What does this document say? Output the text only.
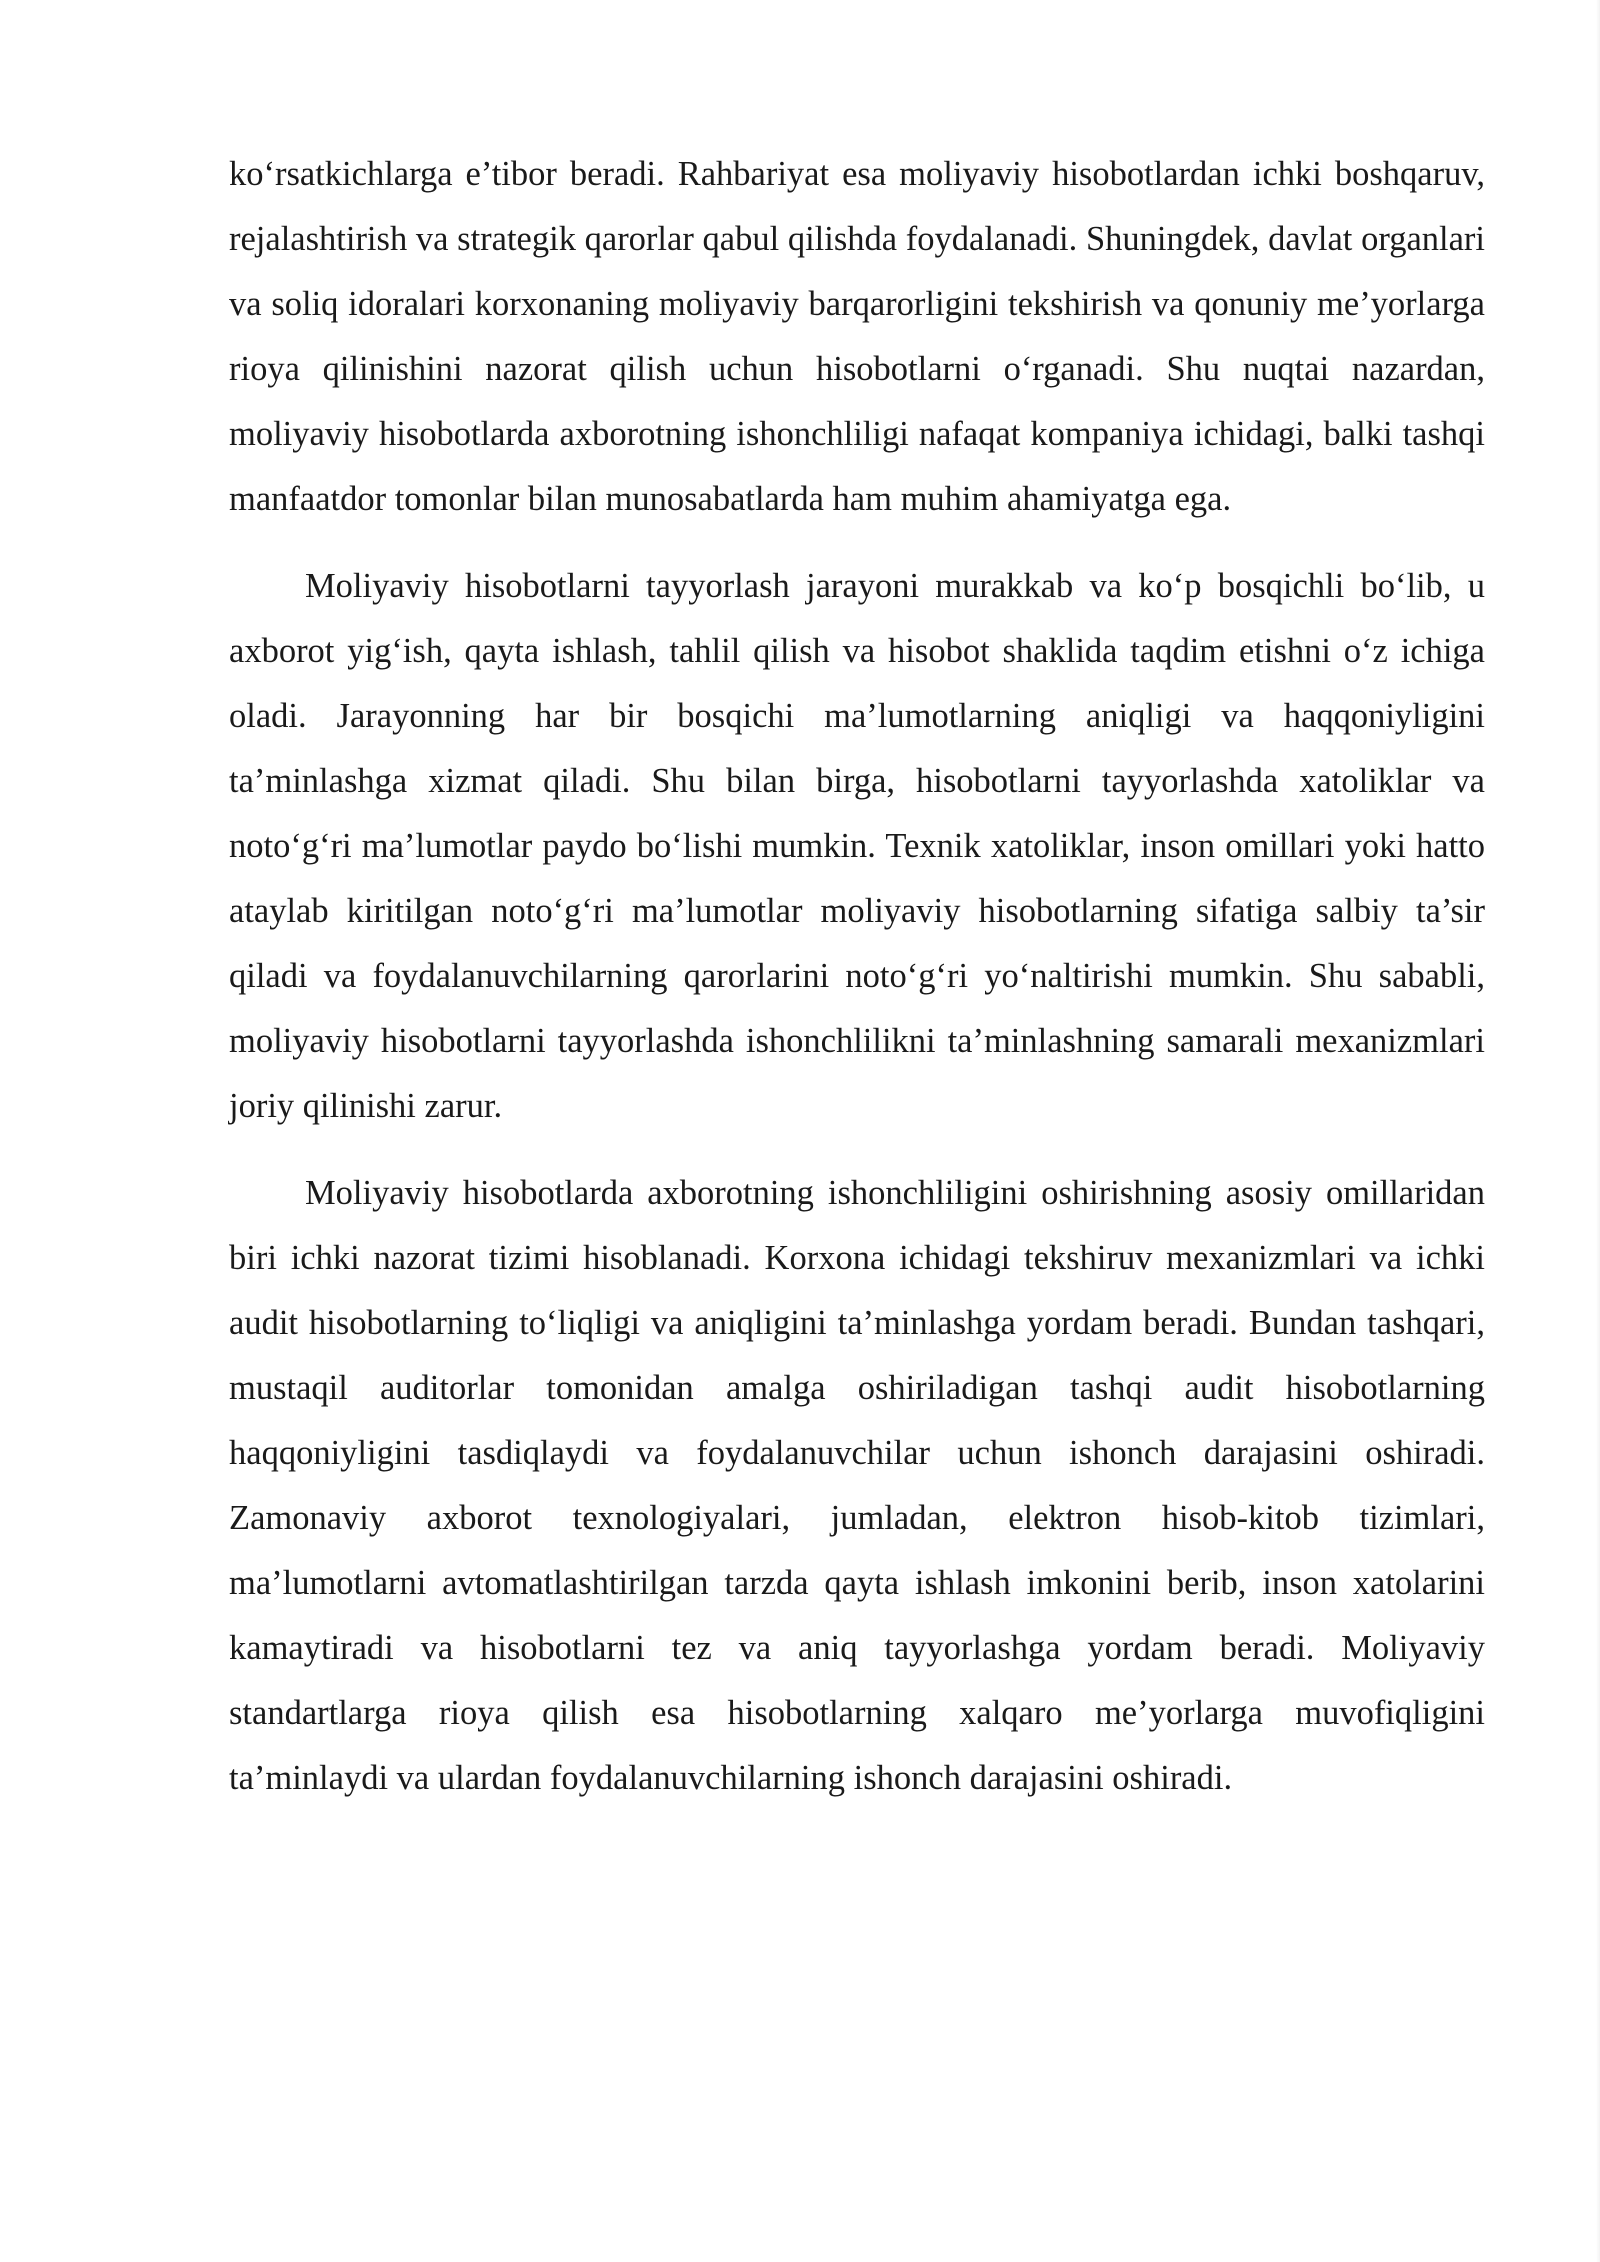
ko‘rsatkichlarga e’tibor beradi. Rahbariyat esa moliyaviy hisobotlardan ichki boshqaruv, rejalashtirish va strategik qarorlar qabul qilishda foydalanadi. Shuningdek, davlat organlari va soliq idoralari korxonaning moliyaviy barqarorligini tekshirish va qonuniy me’yorlarga rioya qilinishini nazorat qilish uchun hisobotlarni o‘rganadi. Shu nuqtai nazardan, moliyaviy hisobotlarda axborotning ishonchliligi nafaqat kompaniya ichidagi, balki tashqi manfaatdor tomonlar bilan munosabatlarda ham muhim ahamiyatga ega.

Moliyaviy hisobotlarni tayyorlash jarayoni murakkab va ko‘p bosqichli bo‘lib, u axborot yig‘ish, qayta ishlash, tahlil qilish va hisobot shaklida taqdim etishni o‘z ichiga oladi. Jarayonning har bir bosqichi ma’lumotlarning aniqligi va haqqoniyligini ta’minlashga xizmat qiladi. Shu bilan birga, hisobotlarni tayyorlashda xatoliklar va noto‘g‘ri ma’lumotlar paydo bo‘lishi mumkin. Texnik xatoliklar, inson omillari yoki hatto ataylab kiritilgan noto‘g‘ri ma’lumotlar moliyaviy hisobotlarning sifatiga salbiy ta’sir qiladi va foydalanuvchilarning qarorlarini noto‘g‘ri yo‘naltirishi mumkin. Shu sababli, moliyaviy hisobotlarni tayyorlashda ishonchlilikni ta’minlashning samarali mexanizmlari joriy qilinishi zarur.

Moliyaviy hisobotlarda axborotning ishonchliligini oshirishning asosiy omillaridan biri ichki nazorat tizimi hisoblanadi. Korxona ichidagi tekshiruv mexanizmlari va ichki audit hisobotlarning to‘liqligi va aniqligini ta’minlashga yordam beradi. Bundan tashqari, mustaqil auditorlar tomonidan amalga oshiriladigan tashqi audit hisobotlarning haqqoniyligini tasdiqlaydi va foydalanuvchilar uchun ishonch darajasini oshiradi. Zamonaviy axborot texnologiyalari, jumladan, elektron hisob-kitob tizimlari, ma’lumotlarni avtomatlashtirilgan tarzda qayta ishlash imkonini berib, inson xatolarini kamaytiradi va hisobotlarni tez va aniq tayyorlashga yordam beradi. Moliyaviy standartlarga rioya qilish esa hisobotlarning xalqaro me’yorlarga muvofiqligini ta’minlaydi va ulardan foydalanuvchilarning ishonch darajasini oshiradi.
